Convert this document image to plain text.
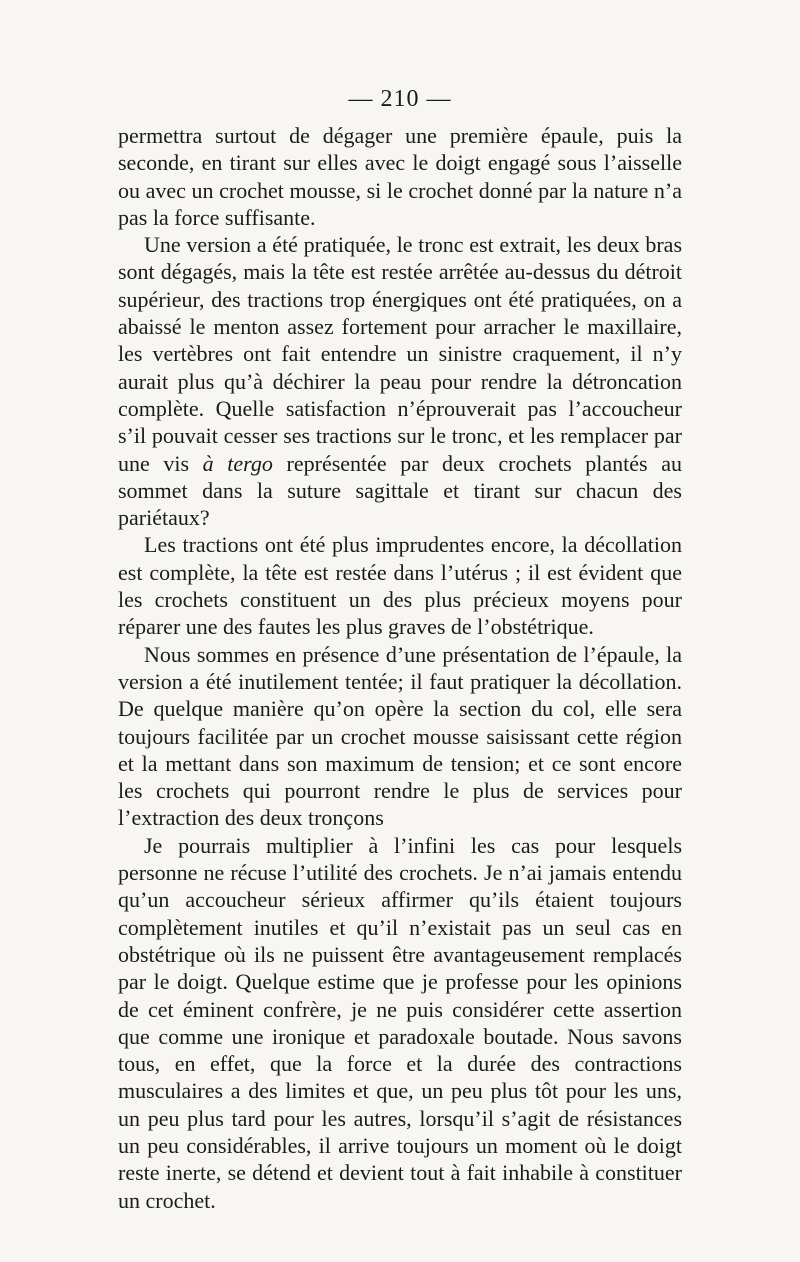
— 210 —

permettra surtout de dégager une première épaule, puis la seconde, en tirant sur elles avec le doigt engagé sous l’aisselle ou avec un crochet mousse, si le crochet donné par la nature n’a pas la force suffisante.

Une version a été pratiquée, le tronc est extrait, les deux bras sont dégagés, mais la tête est restée arrêtée au-dessus du détroit supérieur, des tractions trop énergiques ont été pratiquées, on a abaissé le menton assez fortement pour arracher le maxillaire, les vertèbres ont fait entendre un sinistre craquement, il n’y aurait plus qu’à déchirer la peau pour rendre la détroncation complète. Quelle satisfaction n’éprouverait pas l’accoucheur s’il pouvait cesser ses tractions sur le tronc, et les remplacer par une vis à tergo représentée par deux crochets plantés au sommet dans la suture sagittale et tirant sur chacun des pariétaux?

Les tractions ont été plus imprudentes encore, la décollation est complète, la tête est restée dans l’utérus ; il est évident que les crochets constituent un des plus précieux moyens pour réparer une des fautes les plus graves de l’obstétrique.

Nous sommes en présence d’une présentation de l’épaule, la version a été inutilement tentée; il faut pratiquer la décollation. De quelque manière qu’on opère la section du col, elle sera toujours facilitée par un crochet mousse saisissant cette région et la mettant dans son maximum de tension; et ce sont encore les crochets qui pourront rendre le plus de services pour l’extraction des deux tronçons

Je pourrais multiplier à l’infini les cas pour lesquels personne ne récuse l’utilité des crochets. Je n’ai jamais entendu qu’un accoucheur sérieux affirmer qu’ils étaient toujours complètement inutiles et qu’il n’existait pas un seul cas en obstétrique où ils ne puissent être avantageusement remplacés par le doigt. Quelque estime que je professe pour les opinions de cet éminent confrère, je ne puis considérer cette assertion que comme une ironique et paradoxale boutade. Nous savons tous, en effet, que la force et la durée des contractions musculaires a des limites et que, un peu plus tôt pour les uns, un peu plus tard pour les autres, lorsqu’il s’agit de résistances un peu considérables, il arrive toujours un moment où le doigt reste inerte, se détend et devient tout à fait inhabile à constituer un crochet.
